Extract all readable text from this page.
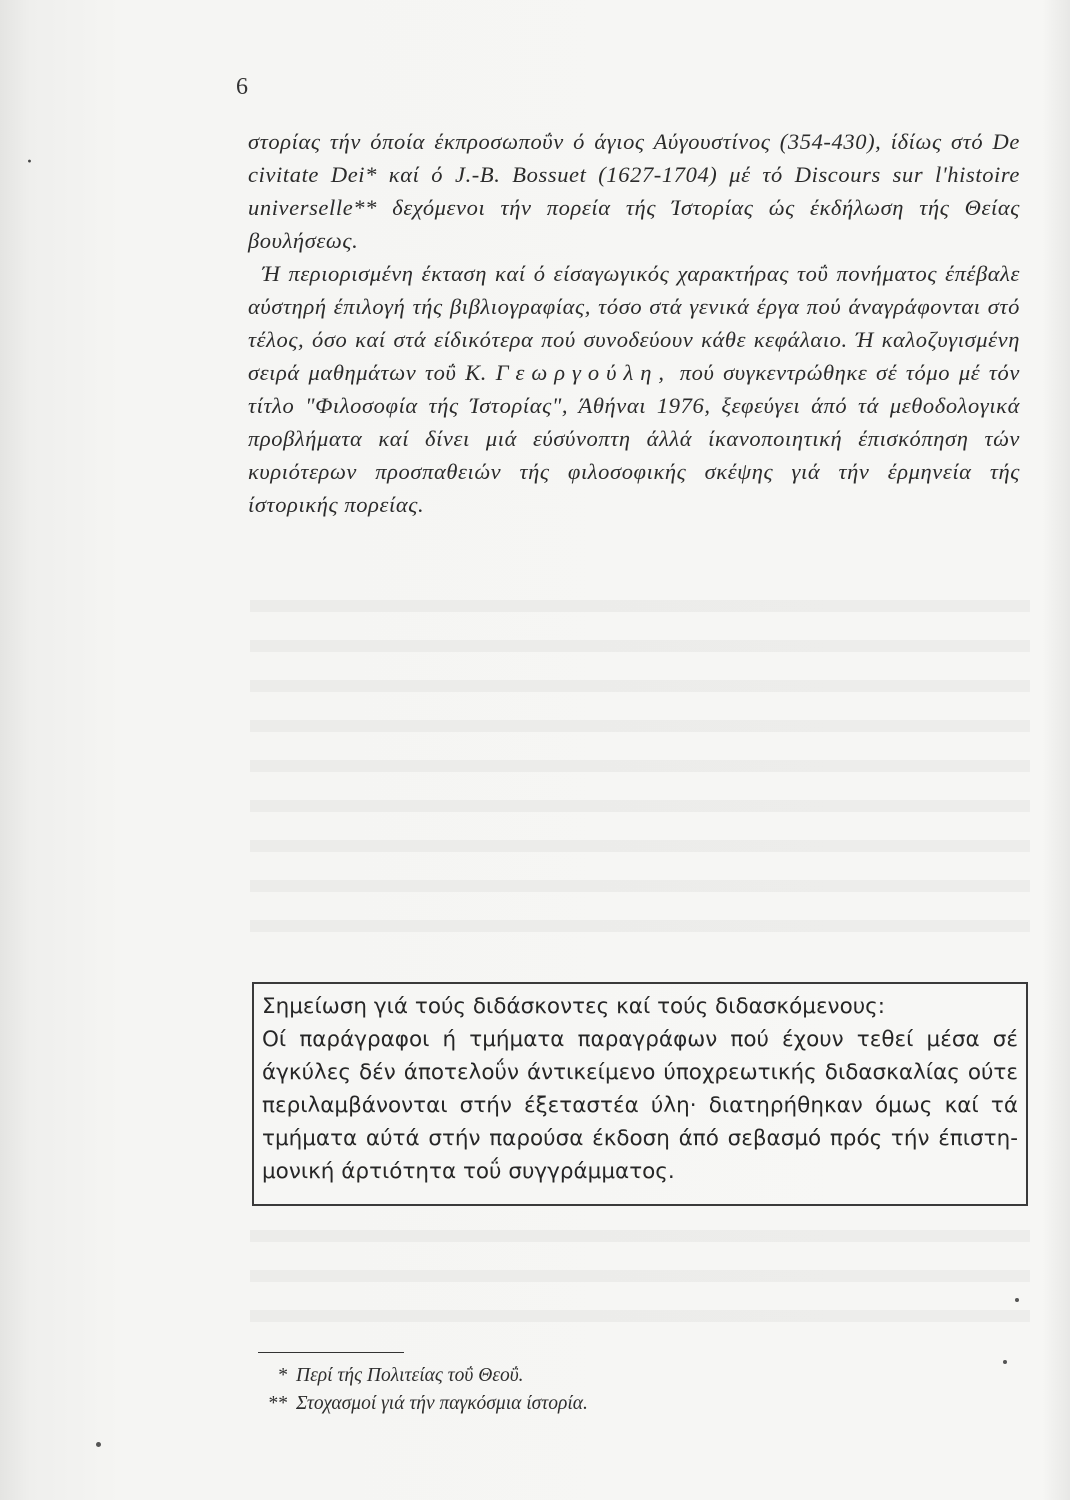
·
6

στορίας τήν όποία έκπροσωποΰν ό άγιος Αύγουστίνος (354-430), ίδίως στό De civitate Dei* καί ό J.-B. Bossuet (1627-1704) μέ τό Discours sur l'histoire universelle** δεχόμενοι τήν πορεία τής Ίστορίας ώς έκδήλωση τής Θείας βουλήσεως.

Ή περιορισμένη έκταση καί ό είσαγωγικός χαρακτήρας τοΰ πονήματος έπέβαλε αύστηρή έπιλογή τής βιβλιογραφίας, τόσο στά γενικά έργα πού άναγράφονται στό τέλος, όσο καί στά είδικότερα πού συνοδεύουν κάθε κεφάλαιο. Ή καλοζυγισμένη σειρά μαθημάτων τοΰ Κ. Γεωργούλη, πού συγκεντρώθηκε σέ τόμο μέ τόν τίτλο "Φιλοσοφία τής Ίστορίας", Άθήναι 1976, ξεφεύγει άπό τά μεθοδολογικά προβλήματα καί δίνει μιά εύσύνοπτη άλλά ίκανοποιητική έπισκόπηση τών κυριότερων προσπαθειών τής φιλοσοφικής σκέψης γιά τήν έρμηνεία τής ίστορικής πορείας.

Σημείωση γιά τούς διδάσκοντες καί τούς διδασκόμενους:
Οί παράγραφοι ή τμήματα παραγράφων πού έχουν τεθεί μέσα σέ
άγκύλες δέν άποτελοΰν άντικείμενο ύποχρεωτικής διδασκαλίας ούτε
περιλαμβάνονται στήν έξεταστέα ύλη· διατηρήθηκαν όμως καί τά
τμήματα αύτά στήν παρούσα έκδοση άπό σεβασμό πρός τήν έπιστη-
μονική άρτιότητα τοΰ συγγράμματος.
* Περί τής Πολιτείας τοΰ Θεοΰ.
** Στοχασμοί γιά τήν παγκόσμια ίστορία.
